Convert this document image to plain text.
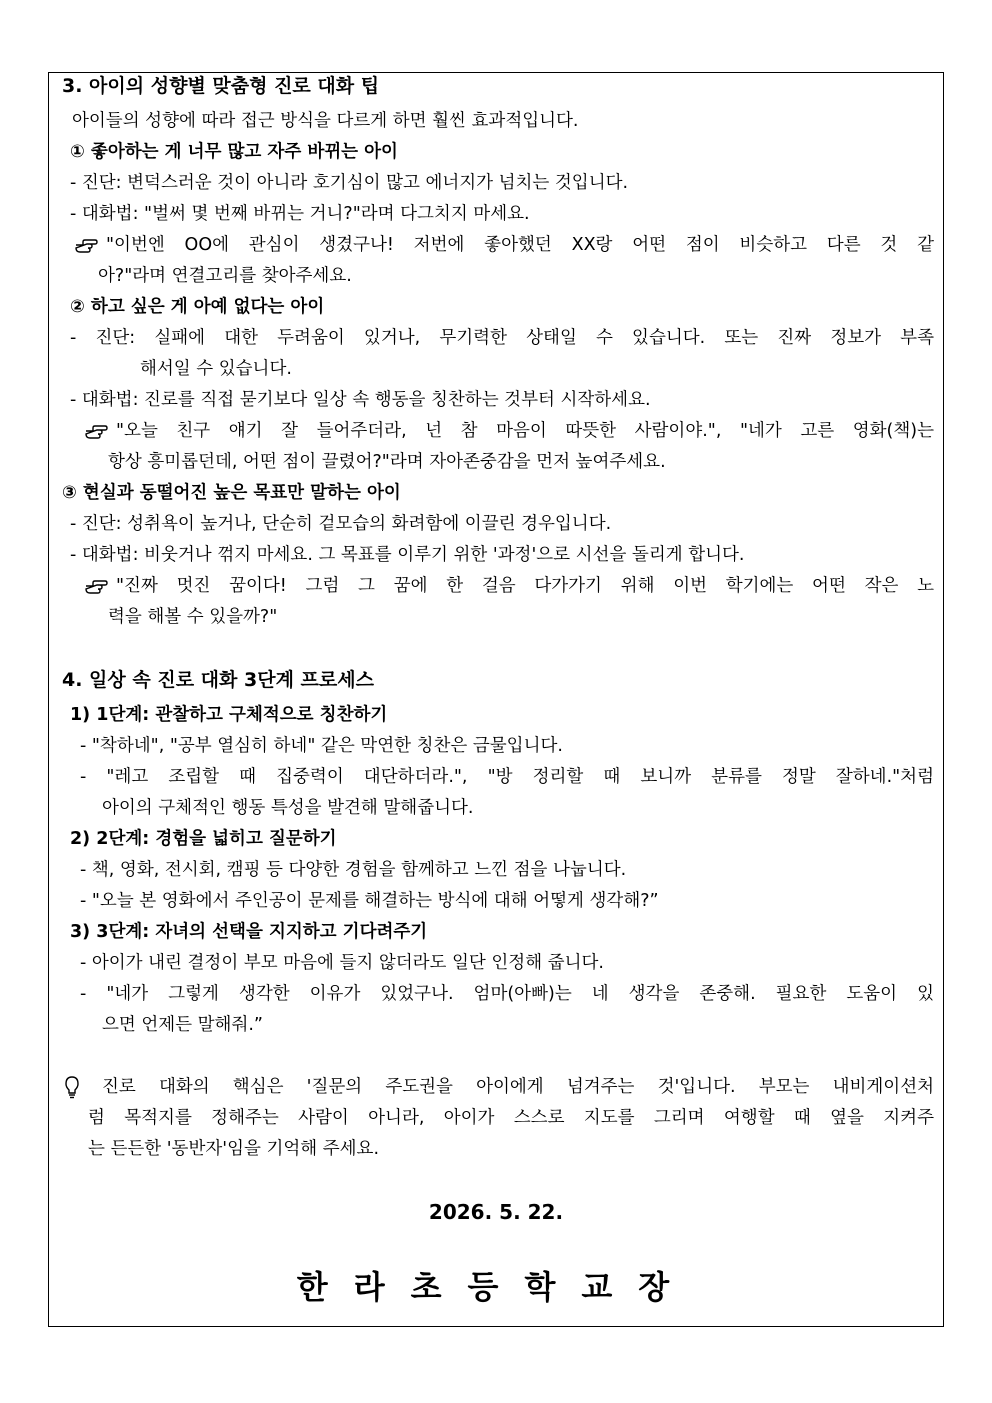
3. 아이의 성향별 맞춤형 진로 대화 팁
아이들의 성향에 따라 접근 방식을 다르게 하면 훨씬 효과적입니다.
① 좋아하는 게 너무 많고 자주 바뀌는 아이
- 진단: 변덕스러운 것이 아니라 호기심이 많고 에너지가 넘치는 것입니다.
- 대화법: "벌써 몇 번째 바뀌는 거니?"라며 다그치지 마세요.
"이번엔 OO에 관심이 생겼구나! 저번에 좋아했던 XX랑 어떤 점이 비슷하고 다른 것 같
아?"라며 연결고리를 찾아주세요.
② 하고 싶은 게 아예 없다는 아이
- 진단: 실패에 대한 두려움이 있거나, 무기력한 상태일 수 있습니다. 또는 진짜 정보가 부족
해서일 수 있습니다.
- 대화법: 진로를 직접 묻기보다 일상 속 행동을 칭찬하는 것부터 시작하세요.
"오늘 친구 얘기 잘 들어주더라, 넌 참 마음이 따뜻한 사람이야.", "네가 고른 영화(책)는
항상 흥미롭던데, 어떤 점이 끌렸어?"라며 자아존중감을 먼저 높여주세요.
③ 현실과 동떨어진 높은 목표만 말하는 아이
- 진단: 성취욕이 높거나, 단순히 겉모습의 화려함에 이끌린 경우입니다.
- 대화법: 비웃거나 꺾지 마세요. 그 목표를 이루기 위한 '과정'으로 시선을 돌리게 합니다.
"진짜 멋진 꿈이다! 그럼 그 꿈에 한 걸음 다가가기 위해 이번 학기에는 어떤 작은 노
력을 해볼 수 있을까?"
4. 일상 속 진로 대화 3단계 프로세스
1) 1단계: 관찰하고 구체적으로 칭찬하기
- "착하네", "공부 열심히 하네" 같은 막연한 칭찬은 금물입니다.
- "레고 조립할 때 집중력이 대단하더라.", "방 정리할 때 보니까 분류를 정말 잘하네."처럼
아이의 구체적인 행동 특성을 발견해 말해줍니다.
2) 2단계: 경험을 넓히고 질문하기
- 책, 영화, 전시회, 캠핑 등 다양한 경험을 함께하고 느낀 점을 나눕니다.
- "오늘 본 영화에서 주인공이 문제를 해결하는 방식에 대해 어떻게 생각해?”
3) 3단계: 자녀의 선택을 지지하고 기다려주기
- 아이가 내린 결정이 부모 마음에 들지 않더라도 일단 인정해 줍니다.
- "네가 그렇게 생각한 이유가 있었구나. 엄마(아빠)는 네 생각을 존중해. 필요한 도움이 있
으면 언제든 말해줘.”
진로 대화의 핵심은 '질문의 주도권을 아이에게 넘겨주는 것'입니다. 부모는 내비게이션처
럼 목적지를 정해주는 사람이 아니라, 아이가 스스로 지도를 그리며 여행할 때 옆을 지켜주
는 든든한 '동반자'임을 기억해 주세요.
2026. 5. 22.
한라초등학교장
